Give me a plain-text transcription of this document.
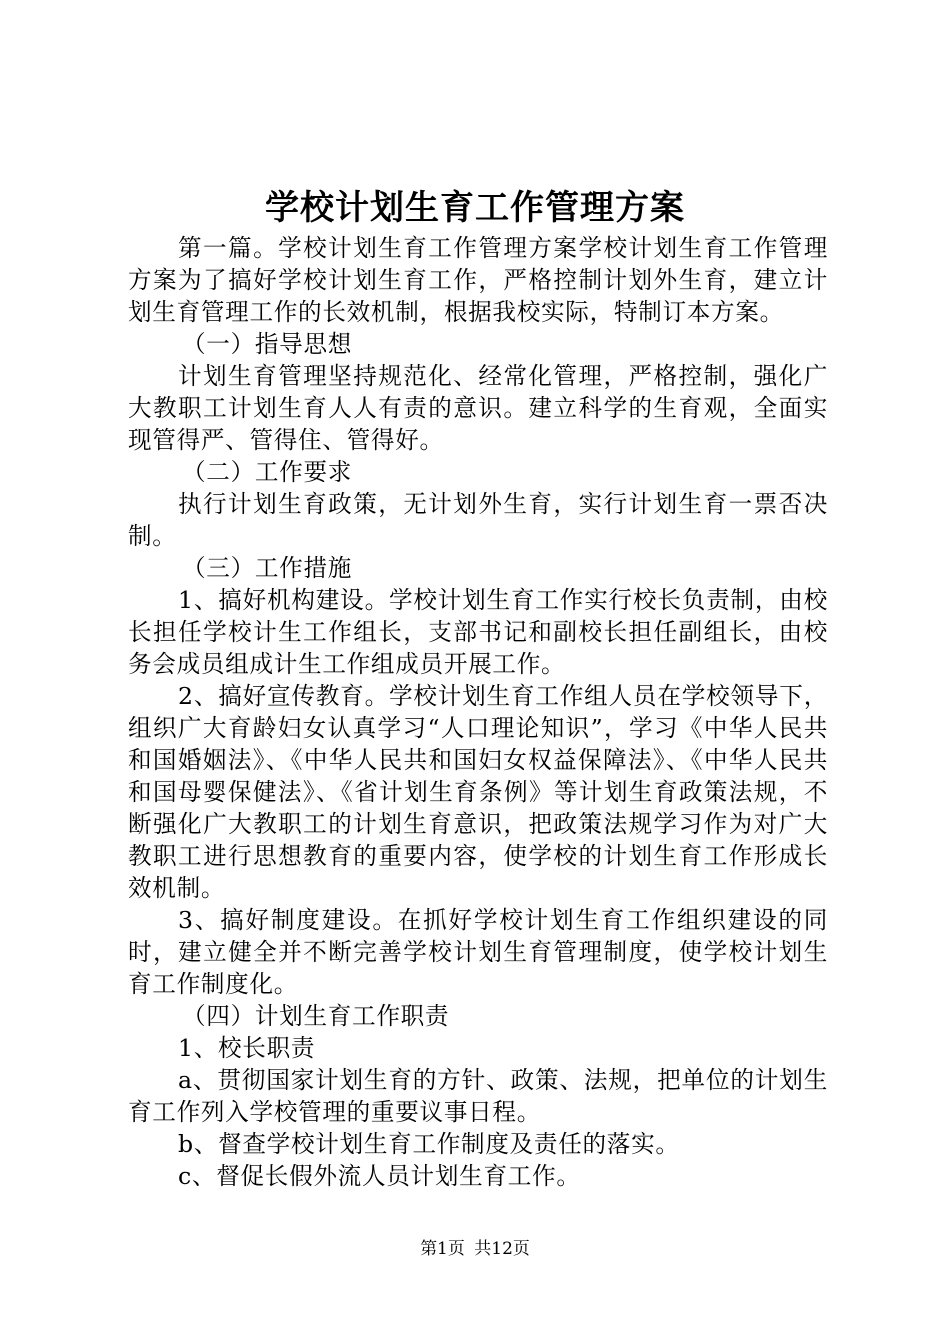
学校计划生育工作管理方案

第一篇。学校计划生育工作管理方案学校计划生育工作管理方案为了搞好学校计划生育工作，严格控制计划外生育，建立计划生育管理工作的长效机制，根据我校实际，特制订本方案。

（一）指导思想

计划生育管理坚持规范化、经常化管理，严格控制，强化广大教职工计划生育人人有责的意识。建立科学的生育观，全面实现管得严、管得住、管得好。

（二）工作要求

执行计划生育政策，无计划外生育，实行计划生育一票否决制。

（三）工作措施

1、搞好机构建设。学校计划生育工作实行校长负责制，由校长担任学校计生工作组长，支部书记和副校长担任副组长，由校务会成员组成计生工作组成员开展工作。

2、搞好宣传教育。学校计划生育工作组人员在学校领导下，组织广大育龄妇女认真学习“人口理论知识”，学习《中华人民共和国婚姻法》、《中华人民共和国妇女权益保障法》、《中华人民共和国母婴保健法》、《省计划生育条例》等计划生育政策法规，不断强化广大教职工的计划生育意识，把政策法规学习作为对广大教职工进行思想教育的重要内容，使学校的计划生育工作形成长效机制。

3、搞好制度建设。在抓好学校计划生育工作组织建设的同时，建立健全并不断完善学校计划生育管理制度，使学校计划生育工作制度化。

（四）计划生育工作职责

1、校长职责

a、贯彻国家计划生育的方针、政策、法规，把单位的计划生育工作列入学校管理的重要议事日程。

b、督查学校计划生育工作制度及责任的落实。

c、督促长假外流人员计划生育工作。

第1页 共12页
